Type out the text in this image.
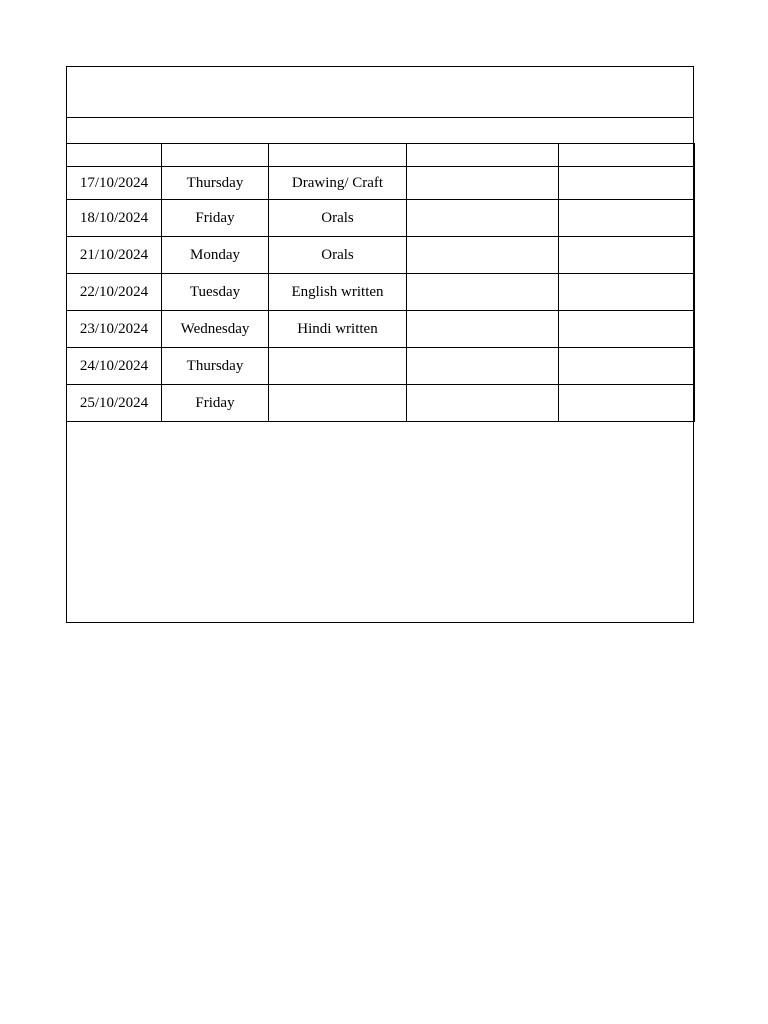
17/10/2024	Thursday	Drawing/ Craft		
18/10/2024	Friday	Orals		
21/10/2024	Monday	Orals		
22/10/2024	Tuesday	English written		
23/10/2024	Wednesday	Hindi written		
24/10/2024	Thursday			
25/10/2024	Friday			
